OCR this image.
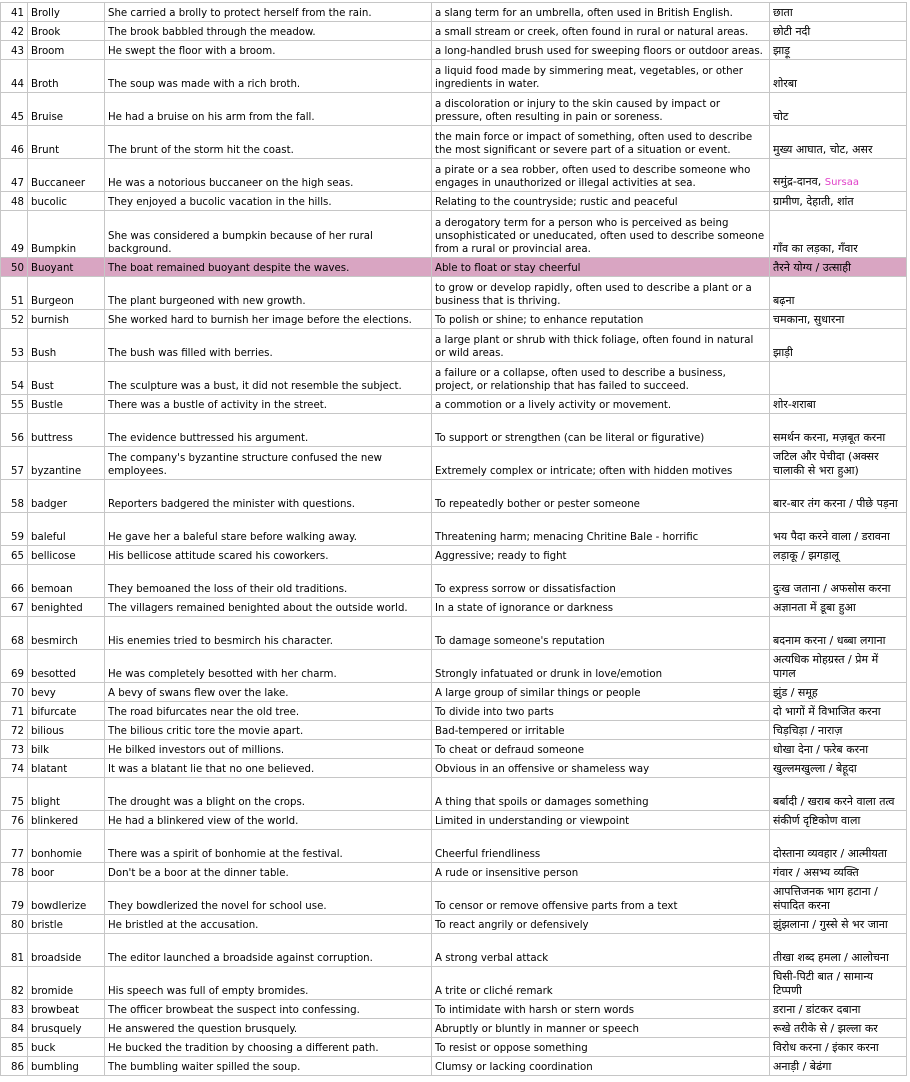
41	Brolly	She carried a brolly to protect herself from the rain.	a slang term for an umbrella, often used in British English.	छाता
42	Brook	The brook babbled through the meadow.	a small stream or creek, often found in rural or natural areas.	छोटी नदी
43	Broom	He swept the floor with a broom.	a long-handled brush used for sweeping floors or outdoor areas.	झाड़ू
44	Broth	The soup was made with a rich broth.	a liquid food made by simmering meat, vegetables, or other ingredients in water.	शोरबा
45	Bruise	He had a bruise on his arm from the fall.	a discoloration or injury to the skin caused by impact or pressure, often resulting in pain or soreness.	चोट
46	Brunt	The brunt of the storm hit the coast.	the main force or impact of something, often used to describe the most significant or severe part of a situation or event.	मुख्य आघात, चोट, असर
47	Buccaneer	He was a notorious buccaneer on the high seas.	a pirate or a sea robber, often used to describe someone who engages in unauthorized or illegal activities at sea.	समुंद्र-दानव, Sursaa
48	bucolic	They enjoyed a bucolic vacation in the hills.	Relating to the countryside; rustic and peaceful	ग्रामीण, देहाती, शांत
49	Bumpkin	She was considered a bumpkin because of her rural background.	a derogatory term for a person who is perceived as being unsophisticated or uneducated, often used to describe someone from a rural or provincial area.	गाँव का लड़का, गँवार
50	Buoyant	The boat remained buoyant despite the waves.	Able to float or stay cheerful	तैरने योग्य / उत्साही
51	Burgeon	The plant burgeoned with new growth.	to grow or develop rapidly, often used to describe a plant or a business that is thriving.	बढ़ना
52	burnish	She worked hard to burnish her image before the elections.	To polish or shine; to enhance reputation	चमकाना, सुधारना
53	Bush	The bush was filled with berries.	a large plant or shrub with thick foliage, often found in natural or wild areas.	झाड़ी
54	Bust	The sculpture was a bust, it did not resemble the subject.	a failure or a collapse, often used to describe a business, project, or relationship that has failed to succeed.	
55	Bustle	There was a bustle of activity in the street.	a commotion or a lively activity or movement.	शोर-शराबा
56	buttress	The evidence buttressed his argument.	To support or strengthen (can be literal or figurative)	समर्थन करना, मज़बूत करना
57	byzantine	The company's byzantine structure confused the new employees.	Extremely complex or intricate; often with hidden motives	जटिल और पेचीदा (अक्सर चालाकी से भरा हुआ)
58	badger	Reporters badgered the minister with questions.	To repeatedly bother or pester someone	बार-बार तंग करना / पीछे पड़ना
59	baleful	He gave her a baleful stare before walking away.	Threatening harm; menacing Chritine Bale - horrific	भय पैदा करने वाला / डरावना
65	bellicose	His bellicose attitude scared his coworkers.	Aggressive; ready to fight	लड़ाकू / झगड़ालू
66	bemoan	They bemoaned the loss of their old traditions.	To express sorrow or dissatisfaction	दुःख जताना / अफसोस करना
67	benighted	The villagers remained benighted about the outside world.	In a state of ignorance or darkness	अज्ञानता में डूबा हुआ
68	besmirch	His enemies tried to besmirch his character.	To damage someone's reputation	बदनाम करना / धब्बा लगाना
69	besotted	He was completely besotted with her charm.	Strongly infatuated or drunk in love/emotion	अत्यधिक मोहग्रस्त / प्रेम में पागल
70	bevy	A bevy of swans flew over the lake.	A large group of similar things or people	झुंड / समूह
71	bifurcate	The road bifurcates near the old tree.	To divide into two parts	दो भागों में विभाजित करना
72	bilious	The bilious critic tore the movie apart.	Bad-tempered or irritable	चिड़चिड़ा / नाराज़
73	bilk	He bilked investors out of millions.	To cheat or defraud someone	धोखा देना / फरेब करना
74	blatant	It was a blatant lie that no one believed.	Obvious in an offensive or shameless way	खुल्लमखुल्ला / बेहूदा
75	blight	The drought was a blight on the crops.	A thing that spoils or damages something	बर्बादी / खराब करने वाला तत्व
76	blinkered	He had a blinkered view of the world.	Limited in understanding or viewpoint	संकीर्ण दृष्टिकोण वाला
77	bonhomie	There was a spirit of bonhomie at the festival.	Cheerful friendliness	दोस्ताना व्यवहार / आत्मीयता
78	boor	Don't be a boor at the dinner table.	A rude or insensitive person	गंवार / असभ्य व्यक्ति
79	bowdlerize	They bowdlerized the novel for school use.	To censor or remove offensive parts from a text	आपत्तिजनक भाग हटाना / संपादित करना
80	bristle	He bristled at the accusation.	To react angrily or defensively	झुंझलाना / गुस्से से भर जाना
81	broadside	The editor launched a broadside against corruption.	A strong verbal attack	तीखा शब्द हमला / आलोचना
82	bromide	His speech was full of empty bromides.	A trite or cliché remark	घिसी-पिटी बात / सामान्य टिप्पणी
83	browbeat	The officer browbeat the suspect into confessing.	To intimidate with harsh or stern words	डराना / डांटकर दबाना
84	brusquely	He answered the question brusquely.	Abruptly or bluntly in manner or speech	रूखे तरीके से / झल्ला कर
85	buck	He bucked the tradition by choosing a different path.	To resist or oppose something	विरोध करना / इंकार करना
86	bumbling	The bumbling waiter spilled the soup.	Clumsy or lacking coordination	अनाड़ी / बेढंगा
